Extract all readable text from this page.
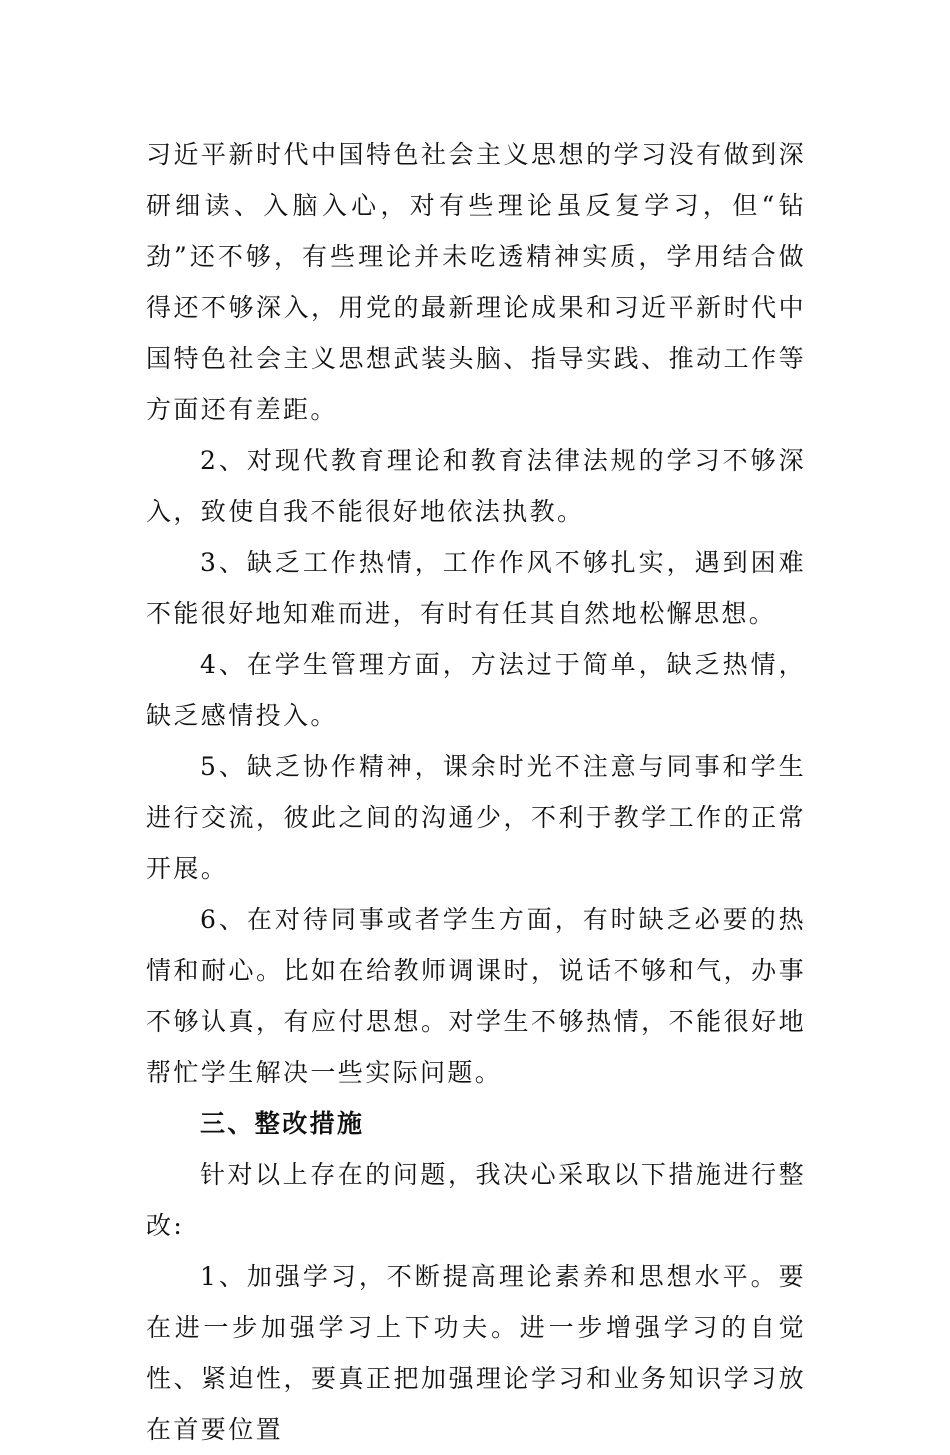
习近平新时代中国特色社会主义思想的学习没有做到深研细读、入脑入心，对有些理论虽反复学习，但“钻劲”还不够，有些理论并未吃透精神实质，学用结合做得还不够深入，用党的最新理论成果和习近平新时代中国特色社会主义思想武装头脑、指导实践、推动工作等方面还有差距。

2、对现代教育理论和教育法律法规的学习不够深入，致使自我不能很好地依法执教。

3、缺乏工作热情，工作作风不够扎实，遇到困难不能很好地知难而进，有时有任其自然地松懈思想。

4、在学生管理方面，方法过于简单，缺乏热情，缺乏感情投入。

5、缺乏协作精神，课余时光不注意与同事和学生进行交流，彼此之间的沟通少，不利于教学工作的正常开展。

6、在对待同事或者学生方面，有时缺乏必要的热情和耐心。比如在给教师调课时，说话不够和气，办事不够认真，有应付思想。对学生不够热情，不能很好地帮忙学生解决一些实际问题。

三、整改措施

针对以上存在的问题，我决心采取以下措施进行整改:

1、加强学习，不断提高理论素养和思想水平。要在进一步加强学习上下功夫。进一步增强学习的自觉性、紧迫性，要真正把加强理论学习和业务知识学习放在首要位置
